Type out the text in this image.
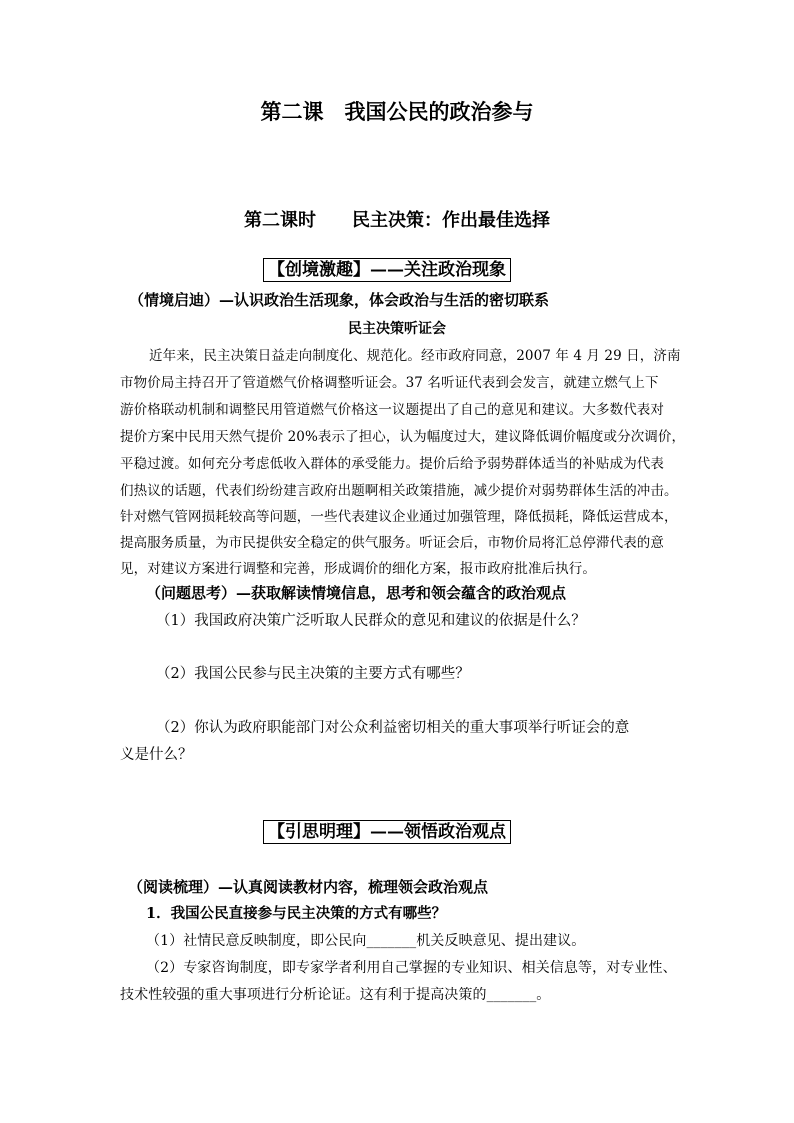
第二课　我国公民的政治参与
第二课时　　民主决策：作出最佳选择
【创境激趣】——关注政治现象
（情境启迪）—认识政治生活现象，体会政治与生活的密切联系
民主决策听证会
近年来，民主决策日益走向制度化、规范化。经市政府同意，2007 年 4 月 29 日，济南
市物价局主持召开了管道燃气价格调整听证会。37 名听证代表到会发言，就建立燃气上下
游价格联动机制和调整民用管道燃气价格这一议题提出了自己的意见和建议。大多数代表对
提价方案中民用天然气提价 20%表示了担心，认为幅度过大，建议降低调价幅度或分次调价，
平稳过渡。如何充分考虑低收入群体的承受能力。提价后给予弱势群体适当的补贴成为代表
们热议的话题，代表们纷纷建言政府出题啊相关政策措施，减少提价对弱势群体生活的冲击。
针对燃气管网损耗较高等问题，一些代表建议企业通过加强管理，降低损耗，降低运营成本，
提高服务质量，为市民提供安全稳定的供气服务。听证会后，市物价局将汇总停滞代表的意
见，对建议方案进行调整和完善，形成调价的细化方案，报市政府批准后执行。
（问题思考）—获取解读情境信息，思考和领会蕴含的政治观点
（1）我国政府决策广泛听取人民群众的意见和建议的依据是什么？
（2）我国公民参与民主决策的主要方式有哪些？
（2）你认为政府职能部门对公众利益密切相关的重大事项举行听证会的意
义是什么？
【引思明理】——领悟政治观点
（阅读梳理）—认真阅读教材内容，梳理领会政治观点
1．我国公民直接参与民主决策的方式有哪些？
（1）社情民意反映制度，即公民向_______机关反映意见、提出建议。
（2）专家咨询制度，即专家学者利用自己掌握的专业知识、相关信息等，对专业性、
技术性较强的重大事项进行分析论证。这有利于提高决策的_______。
